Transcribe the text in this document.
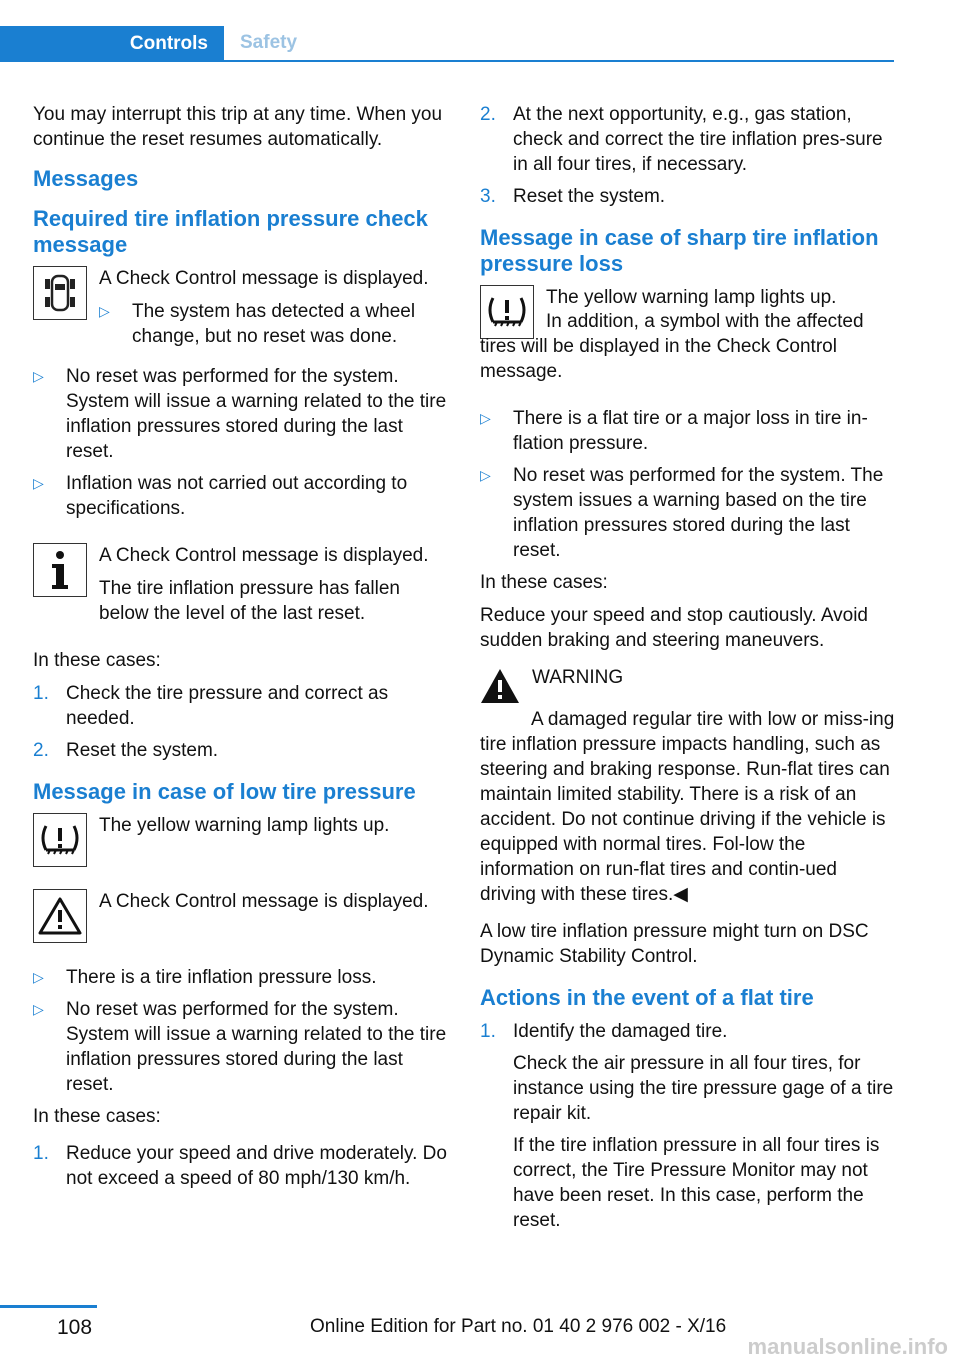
Controls	Safety

You may interrupt this trip at any time. When you continue the reset resumes automatically.

Messages
Required tire inflation pressure check message

A Check Control message is displayed.

▷	The system has detected a wheel change, but no reset was done.
▷	No reset was performed for the system. System will issue a warning related to the tire inflation pressures stored during the last reset.
▷	Inflation was not carried out according to specifications.

A Check Control message is displayed.

The tire inflation pressure has fallen below the level of the last reset.

In these cases:

1. Check the tire pressure and correct as needed.
2. Reset the system.
Message in case of low tire pressure

The yellow warning lamp lights up.

A Check Control message is displayed.

▷	There is a tire inflation pressure loss.
▷	No reset was performed for the system. System will issue a warning related to the tire inflation pressures stored during the last reset.

In these cases:

1. Reduce your speed and drive moderately. Do not exceed a speed of 80 mph/130 km/h.
2. At the next opportunity, e.g., gas station, check and correct the tire inflation pres‐sure in all four tires, if necessary.
3. Reset the system.
Message in case of sharp tire inflation pressure loss

The yellow warning lamp lights up.

In addition, a symbol with the affected tires will be displayed in the Check Control message.

▷	There is a flat tire or a major loss in tire in‐flation pressure.
▷	No reset was performed for the system. The system issues a warning based on the tire inflation pressures stored during the last reset.

In these cases:

Reduce your speed and stop cautiously. Avoid sudden braking and steering maneuvers.

WARNING

A damaged regular tire with low or miss‐ing tire inflation pressure impacts handling, such as steering and braking response. Run-flat tires can maintain limited stability. There is a risk of an accident. Do not continue driving if the vehicle is equipped with normal tires. Fol‐low the information on run-flat tires and contin‐ued driving with these tires.◀

A low tire inflation pressure might turn on DSC Dynamic Stability Control.

Actions in the event of a flat tire
1. Identify the damaged tire.

Check the air pressure in all four tires, for instance using the tire pressure gage of a tire repair kit.

If the tire inflation pressure in all four tires is correct, the Tire Pressure Monitor may not have been reset. In this case, perform the reset.

108	Online Edition for Part no. 01 40 2 976 002 - X/16
manualsonline.info
